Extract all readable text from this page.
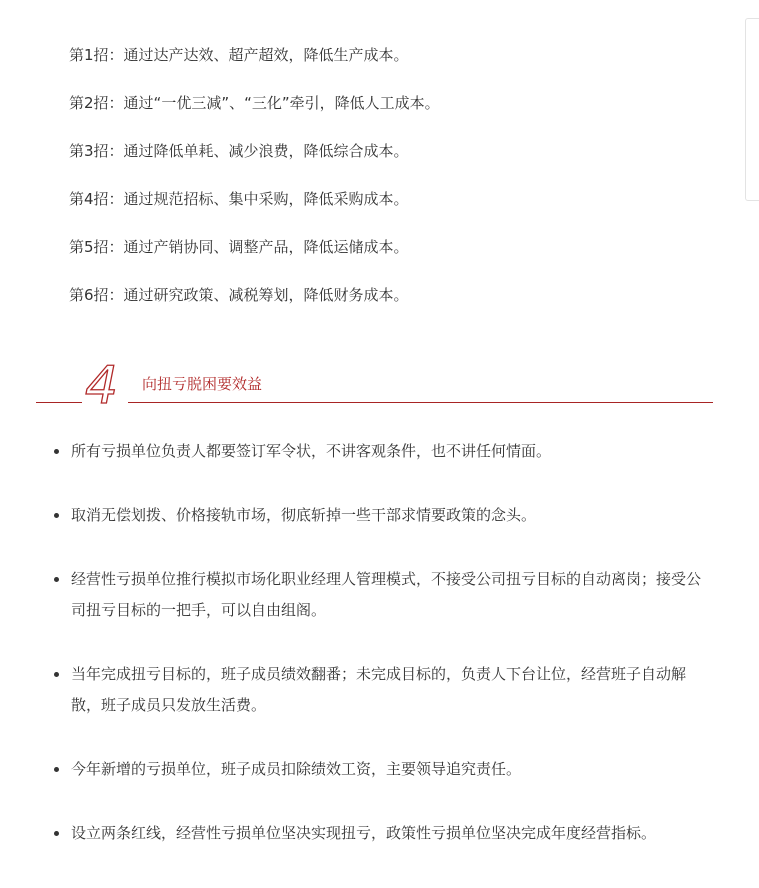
第1招：通过达产达效、超产超效，降低生产成本。
第2招：通过“一优三减”、“三化”牵引，降低人工成本。
第3招：通过降低单耗、减少浪费，降低综合成本。
第4招：通过规范招标、集中采购，降低采购成本。
第5招：通过产销协同、调整产品，降低运储成本。
第6招：通过研究政策、减税筹划，降低财务成本。
4 向扭亏脱困要效益
所有亏损单位负责人都要签订军令状，不讲客观条件，也不讲任何情面。
取消无偿划拨、价格接轨市场，彻底斩掉一些干部求情要政策的念头。
经营性亏损单位推行模拟市场化职业经理人管理模式，不接受公司扭亏目标的自动离岗；接受公司扭亏目标的一把手，可以自由组阁。
当年完成扭亏目标的，班子成员绩效翻番；未完成目标的，负责人下台让位，经营班子自动解散，班子成员只发放生活费。
今年新增的亏损单位，班子成员扣除绩效工资，主要领导追究责任。
设立两条红线，经营性亏损单位坚决实现扭亏，政策性亏损单位坚决完成年度经营指标。
